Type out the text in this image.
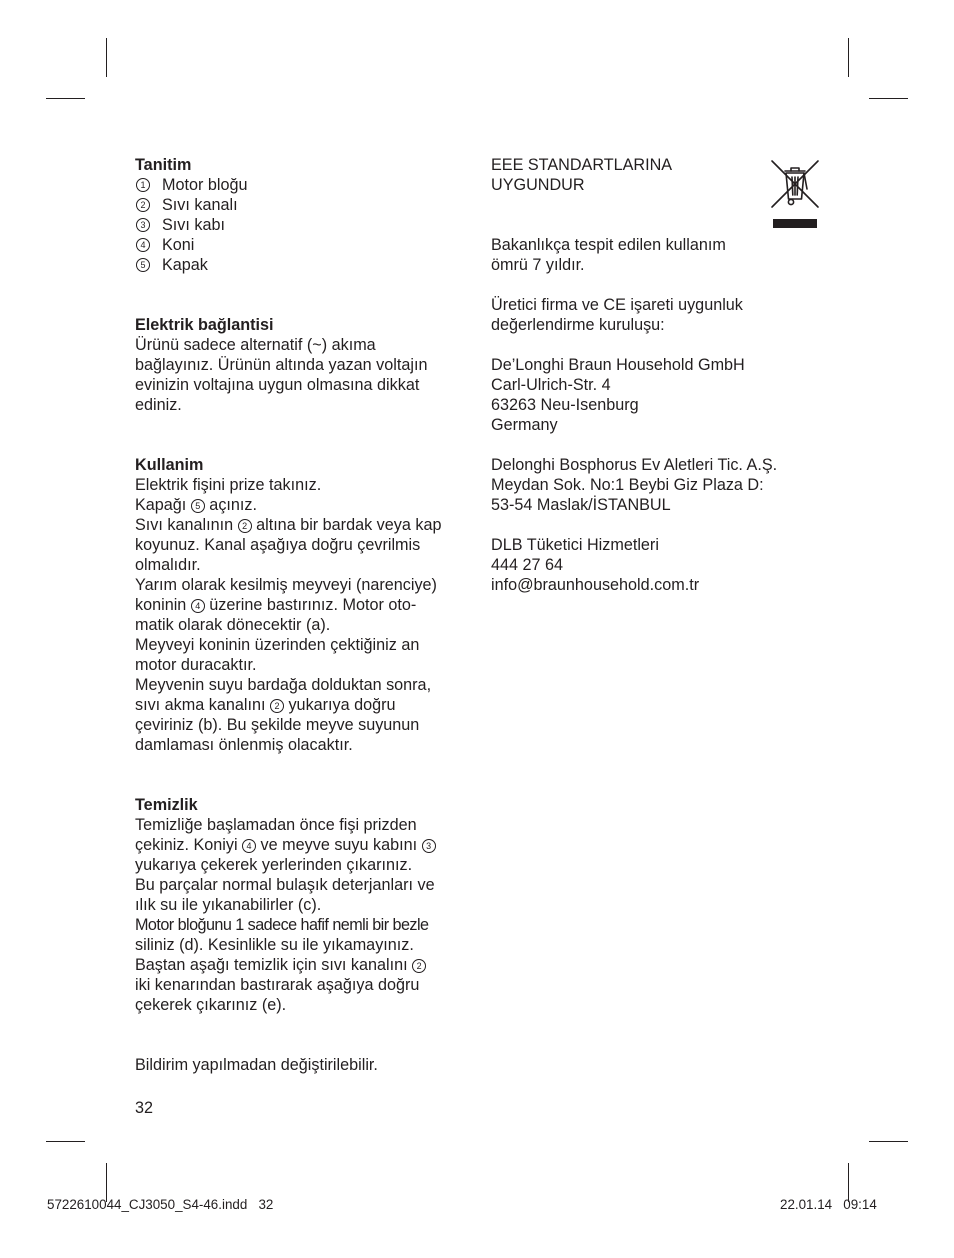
Tanitim
1 Motor bloğu
2 Sıvı kanalı
3 Sıvı kabı
4 Koni
5 Kapak
Elektrik bağlantisi
Ürünü sadece alternatif (~) akıma
bağlayınız. Ürünün altında yazan voltajın
evinizin voltajına uygun olmasına dikkat
ediniz.
Kullanim
Elektrik fişini prize takınız.
Kapağı 5 açınız.
Sıvı kanalının 2 altına bir bardak veya kap
koyunuz. Kanal aşağıya doğru çevrilmis
olmalıdır.
Yarım olarak kesilmiş meyveyi (narenciye)
koninin 4 üzerine bastırınız. Motor oto-
matik olarak dönecektir (a).
Meyveyi koninin üzerinden çektiğiniz an
motor duracaktır.
Meyvenin suyu bardağa dolduktan sonra,
sıvı akma kanalını 2 yukarıya doğru
çeviriniz (b). Bu şekilde meyve suyunun
damlaması önlenmiş olacaktır.
Temizlik
Temizliğe başlamadan önce fişi prizden
çekiniz. Koniyi 4 ve meyve suyu kabını 3
yukarıya çekerek yerlerinden çıkarınız.
Bu parçalar normal bulaşık deterjanları ve
ılık su ile yıkanabilirler (c).
Motor bloğunu 1 sadece hafif nemli bir bezle
siliniz (d). Kesinlikle su ile yıkamayınız.
Baştan aşağı temizlik için sıvı kanalını 2
iki kenarından bastırarak aşağıya doğru
çekerek çıkarınız (e).
Bildirim yapılmadan değiştirilebilir.
32
EEE STANDARTLARINA
UYGUNDUR
Bakanlıkça tespit edilen kullanım
ömrü 7 yıldır.
Üretici firma ve CE işareti uygunluk
değerlendirme kuruluşu:
De’Longhi Braun Household GmbH
Carl-Ulrich-Str. 4
63263 Neu-Isenburg
Germany
Delonghi Bosphorus Ev Aletleri Tic. A.Ş.
Meydan Sok. No:1 Beybi Giz Plaza D:
53-54 Maslak/İSTANBUL
DLB Tüketici Hizmetleri
444 27 64
info@braunhousehold.com.tr
5722610044_CJ3050_S4-46.indd   32	22.01.14   09:14
